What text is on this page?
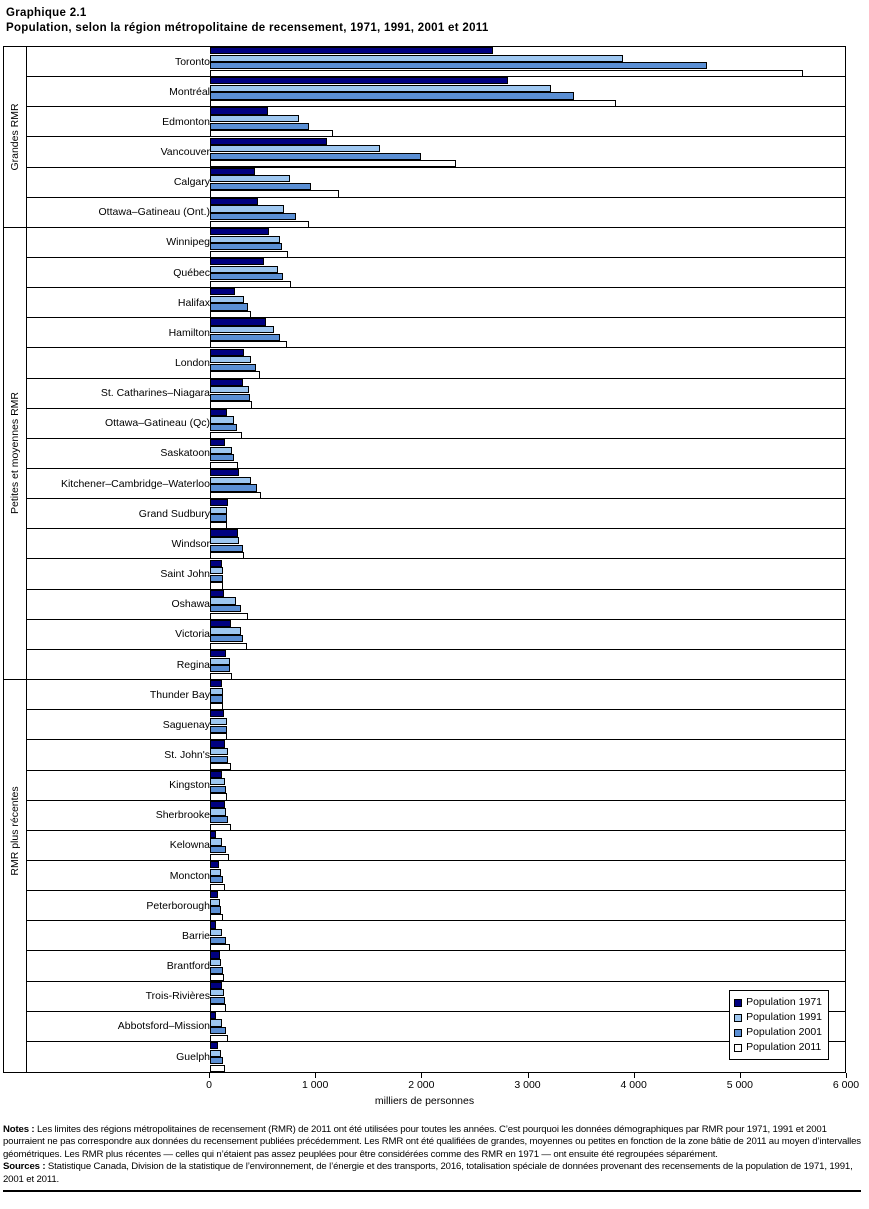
Graphique 2.1
Population, selon la région métropolitaine de recensement, 1971, 1991, 2001 et 2011
Grandes RMR
Petites et moyennes RMR
RMR plus récentes
Toronto
Montréal
Edmonton
Vancouver
Calgary
Ottawa–Gatineau (Ont.)
Winnipeg
Québec
Halifax
Hamilton
London
St. Catharines–Niagara
Ottawa–Gatineau (Qc)
Saskatoon
Kitchener–Cambridge–Waterloo
Grand Sudbury
Windsor
Saint John
Oshawa
Victoria
Regina
Thunder Bay
Saguenay
St. John's
Kingston
Sherbrooke
Kelowna
Moncton
Peterborough
Barrie
Brantford
Trois-Rivières
Abbotsford–Mission
Guelph
Population 1971
Population 1991
Population 2001
Population 2011
milliers de personnes
0	1 000	2 000	3 000	4 000	5 000	6 000

Notes : Les limites des régions métropolitaines de recensement (RMR) de 2011 ont été utilisées pour toutes les années. C’est pourquoi les données démographiques par RMR pour 1971, 1991 et 2001 pourraient ne pas correspondre aux données du recensement publiées précédemment. Les RMR ont été qualifiées de grandes, moyennes ou petites en fonction de la zone bâtie de 2011 au moyen d’intervalles géométriques. Les RMR plus récentes — celles qui n’étaient pas assez peuplées pour être considérées comme des RMR en 1971 — ont ensuite été regroupées séparément.

Sources : Statistique Canada, Division de la statistique de l’environnement, de l’énergie et des transports, 2016, totalisation spéciale de données provenant des recensements de la population de 1971, 1991, 2001 et 2011.
